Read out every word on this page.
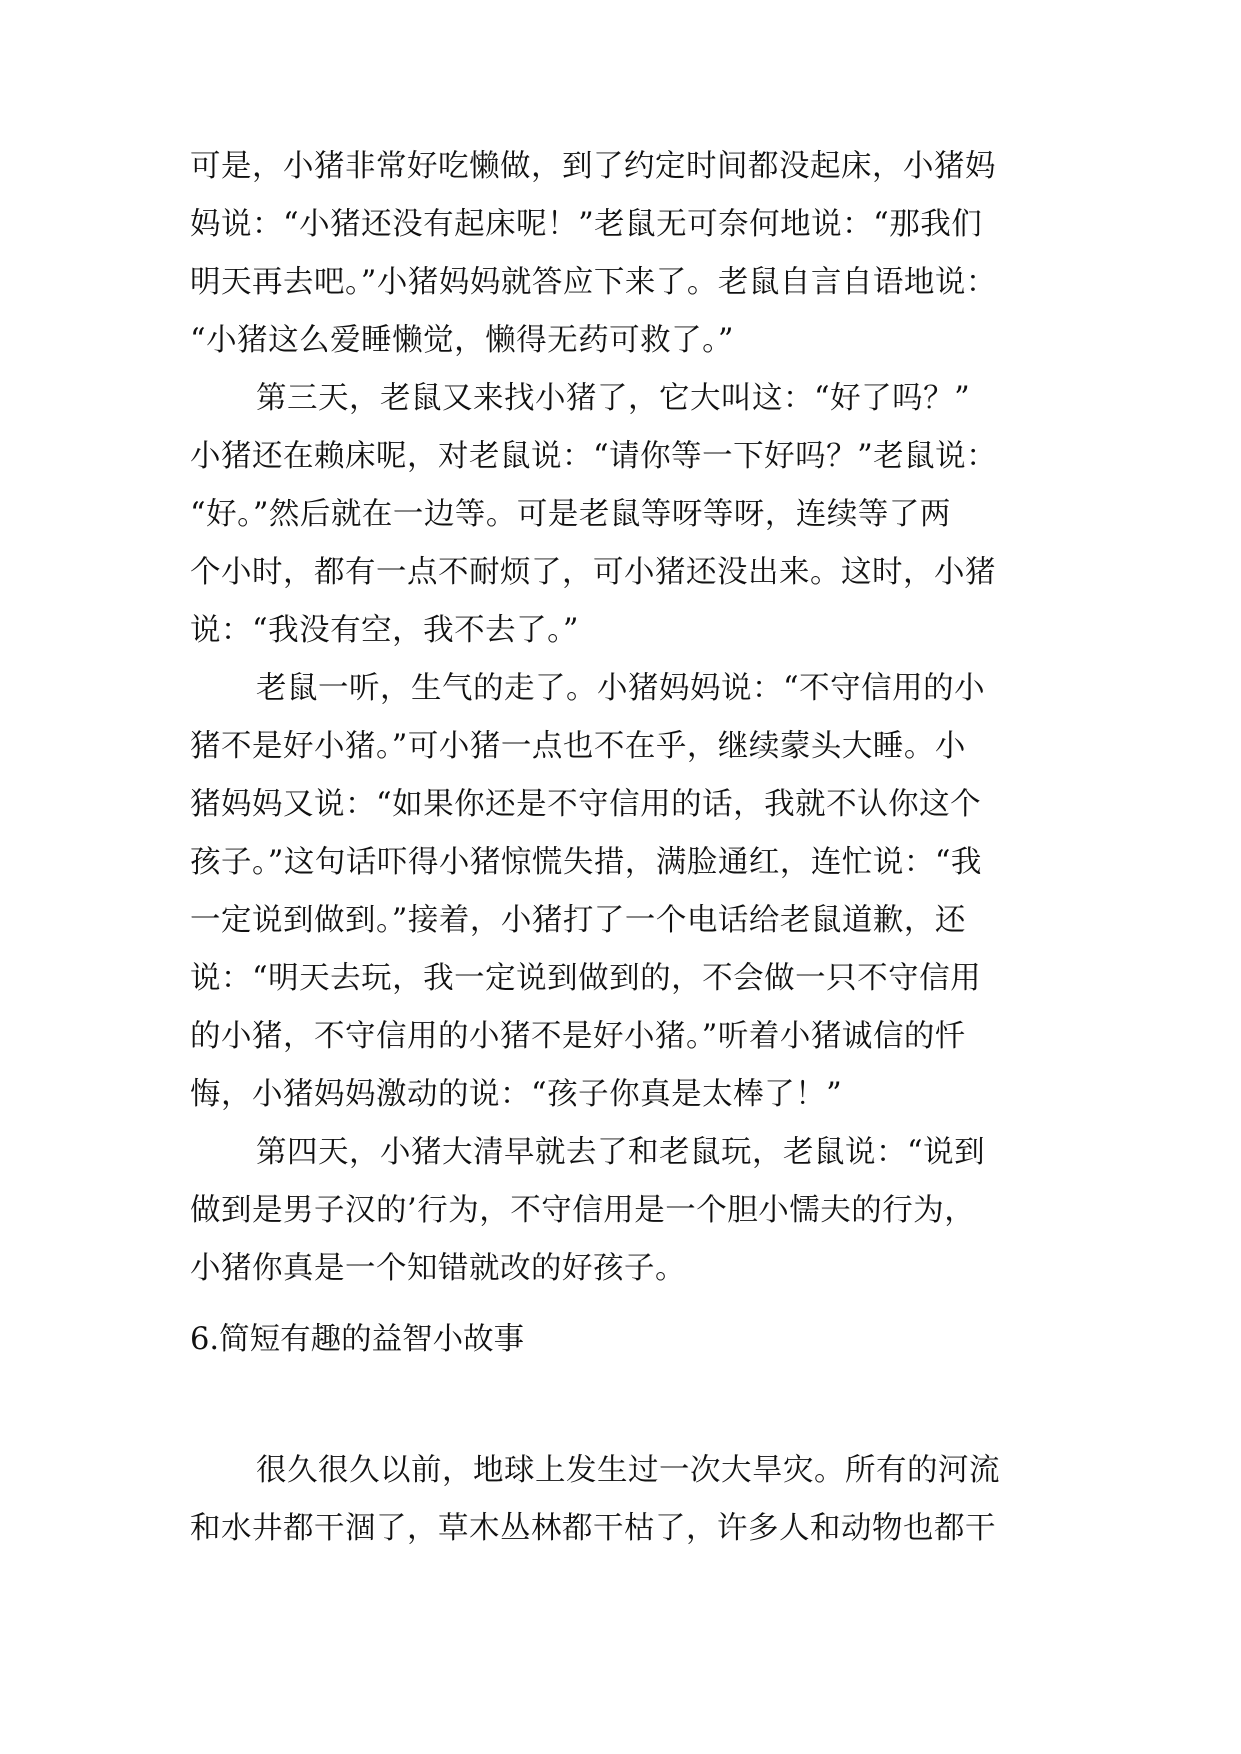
可是，小猪非常好吃懒做，到了约定时间都没起床，小猪妈
妈说：“小猪还没有起床呢！”老鼠无可奈何地说：“那我们
明天再去吧。”小猪妈妈就答应下来了。老鼠自言自语地说：
“小猪这么爱睡懒觉，懒得无药可救了。”
第三天，老鼠又来找小猪了，它大叫这：“好了吗？”
小猪还在赖床呢，对老鼠说：“请你等一下好吗？”老鼠说：
“好。”然后就在一边等。可是老鼠等呀等呀，连续等了两
个小时，都有一点不耐烦了，可小猪还没出来。这时，小猪
说：“我没有空，我不去了。”
老鼠一听，生气的走了。小猪妈妈说：“不守信用的小
猪不是好小猪。”可小猪一点也不在乎，继续蒙头大睡。小
猪妈妈又说：“如果你还是不守信用的话，我就不认你这个
孩子。”这句话吓得小猪惊慌失措，满脸通红，连忙说：“我
一定说到做到。”接着，小猪打了一个电话给老鼠道歉，还
说：“明天去玩，我一定说到做到的，不会做一只不守信用
的小猪，不守信用的小猪不是好小猪。”听着小猪诚信的忏
悔，小猪妈妈激动的说：“孩子你真是太棒了！”
第四天，小猪大清早就去了和老鼠玩，老鼠说：“说到
做到是男子汉的’行为，不守信用是一个胆小懦夫的行为，
小猪你真是一个知错就改的好孩子。
6.简短有趣的益智小故事
很久很久以前，地球上发生过一次大旱灾。所有的河流
和水井都干涸了，草木丛林都干枯了，许多人和动物也都干
